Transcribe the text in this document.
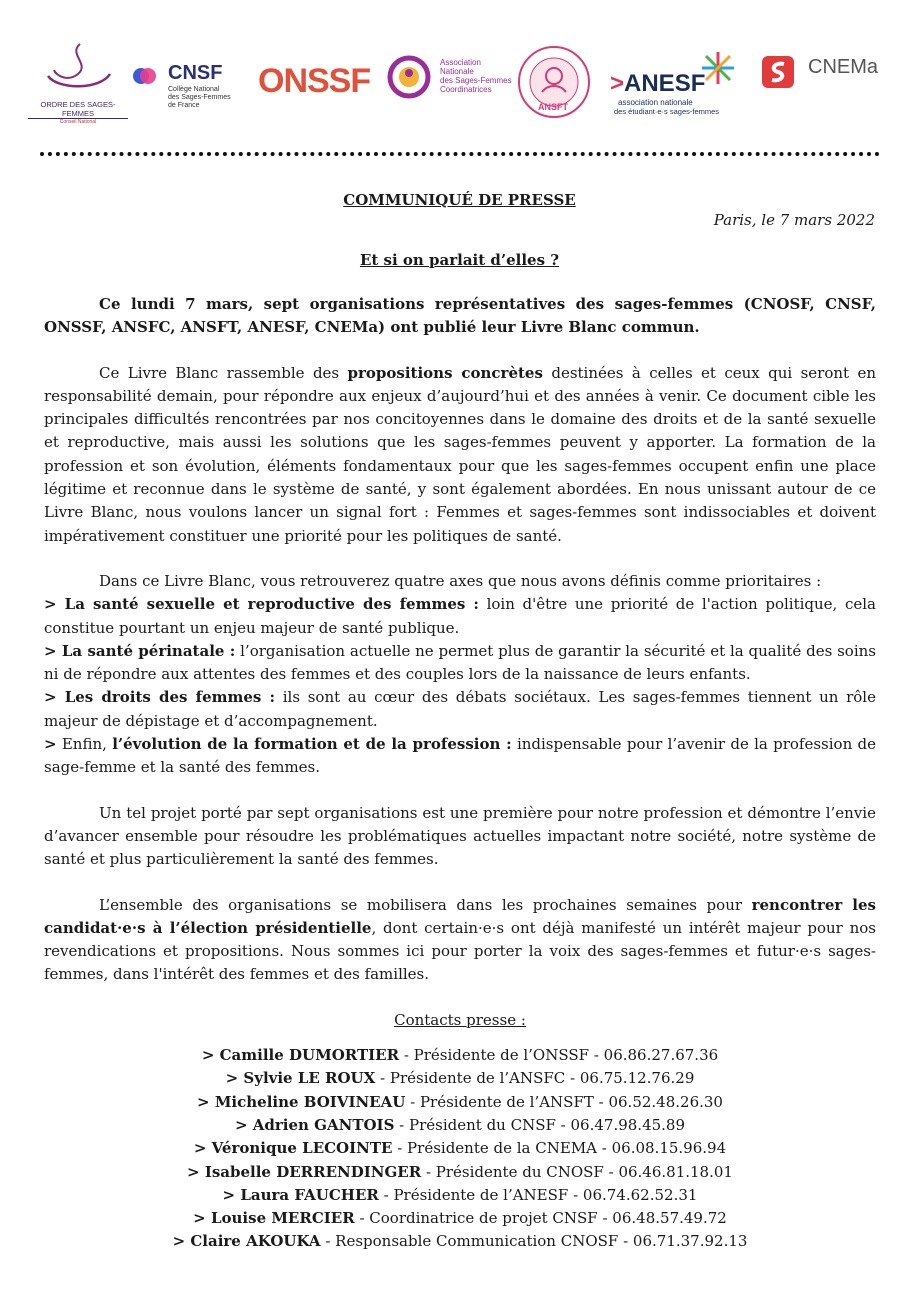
ORDRE DES SAGES-FEMMES
Conseil National
CNSF
Collège National
des Sages-Femmes
de France
ONSSF	Association
Nationale
des Sages-Femmes
Coordinatrices
ANSFT
>ANESF
association nationale
des étudiant·e·s sages-femmes
CNEMa
COMMUNIQUÉ DE PRESSE
Paris, le 7 mars 2022
Et si on parlait d’elles ?

Ce lundi 7 mars, sept organisations représentatives des sages-femmes (CNOSF, CNSF, ONSSF, ANSFC, ANSFT, ANESF, CNEMa) ont publié leur Livre Blanc commun.

Ce Livre Blanc rassemble des propositions concrètes destinées à celles et ceux qui seront en responsabilité demain, pour répondre aux enjeux d’aujourd’hui et des années à venir. Ce document cible les principales difficultés rencontrées par nos concitoyennes dans le domaine des droits et de la santé sexuelle et reproductive, mais aussi les solutions que les sages-femmes peuvent y apporter. La formation de la profession et son évolution, éléments fondamentaux pour que les sages-femmes occupent enfin une place légitime et reconnue dans le système de santé, y sont également abordées. En nous unissant autour de ce Livre Blanc, nous voulons lancer un signal fort : Femmes et sages-femmes sont indissociables et doivent impérativement constituer une priorité pour les politiques de santé.

Dans ce Livre Blanc, vous retrouverez quatre axes que nous avons définis comme prioritaires :

> La santé sexuelle et reproductive des femmes : loin d'être une priorité de l'action politique, cela constitue pourtant un enjeu majeur de santé publique.

> La santé périnatale : l’organisation actuelle ne permet plus de garantir la sécurité et la qualité des soins ni de répondre aux attentes des femmes et des couples lors de la naissance de leurs enfants.

> Les droits des femmes : ils sont au cœur des débats sociétaux. Les sages-femmes tiennent un rôle majeur de dépistage et d’accompagnement.

> Enfin, l’évolution de la formation et de la profession : indispensable pour l’avenir de la profession de sage-femme et la santé des femmes.

Un tel projet porté par sept organisations est une première pour notre profession et démontre l’envie d’avancer ensemble pour résoudre les problématiques actuelles impactant notre société, notre système de santé et plus particulièrement la santé des femmes.

L’ensemble des organisations se mobilisera dans les prochaines semaines pour rencontrer les candidat·e·s à l’élection présidentielle, dont certain·e·s ont déjà manifesté un intérêt majeur pour nos revendications et propositions. Nous sommes ici pour porter la voix des sages-femmes et futur·e·s sages-femmes, dans l'intérêt des femmes et des familles.

Contacts presse :

> Camille DUMORTIER - Présidente de l’ONSSF - 06.86.27.67.36
> Sylvie LE ROUX - Présidente de l’ANSFC - 06.75.12.76.29
> Micheline BOIVINEAU - Présidente de l’ANSFT - 06.52.48.26.30
> Adrien GANTOIS - Président du CNSF - 06.47.98.45.89
> Véronique LECOINTE - Présidente de la CNEMA - 06.08.15.96.94
> Isabelle DERRENDINGER - Présidente du CNOSF - 06.46.81.18.01
> Laura FAUCHER - Présidente de l’ANESF - 06.74.62.52.31
> Louise MERCIER - Coordinatrice de projet CNSF - 06.48.57.49.72
> Claire AKOUKA - Responsable Communication CNOSF - 06.71.37.92.13
